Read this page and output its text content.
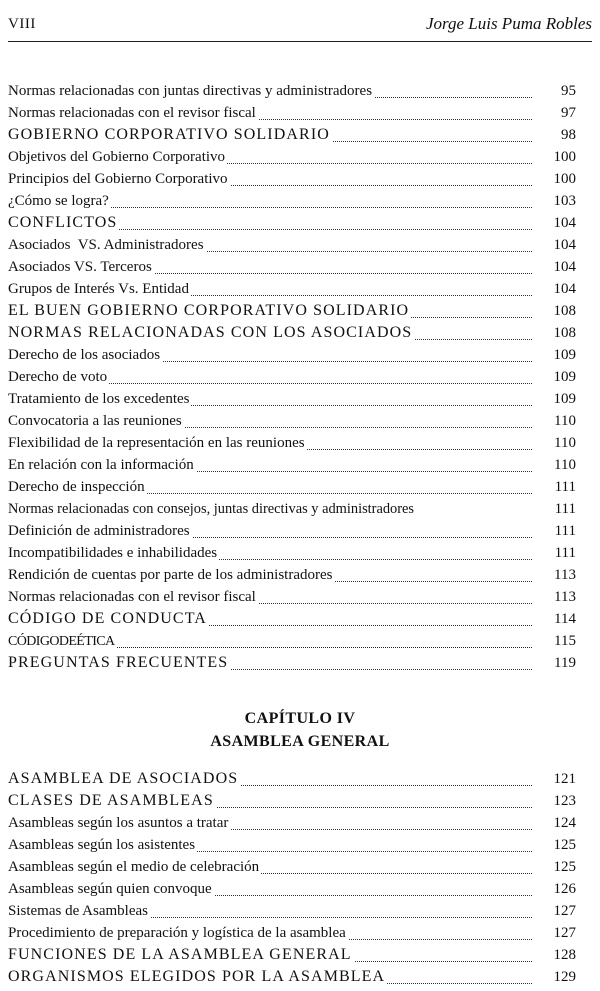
VIII	Jorge Luis Puma Robles
Normas relacionadas con juntas directivas y administradores	95
Normas relacionadas con el revisor fiscal	97
GOBIERNO CORPORATIVO SOLIDARIO	98
Objetivos del Gobierno Corporativo	100
Principios del Gobierno Corporativo	100
¿Cómo se logra?	103
CONFLICTOS	104
Asociados  VS. Administradores	104
Asociados VS. Terceros	104
Grupos de Interés Vs. Entidad	104
EL BUEN GOBIERNO CORPORATIVO SOLIDARIO	108
NORMAS RELACIONADAS CON LOS ASOCIADOS	108
Derecho de los asociados	109
Derecho de voto	109
Tratamiento de los excedentes	109
Convocatoria a las reuniones	110
Flexibilidad de la representación en las reuniones	110
En relación con la información	110
Derecho de inspección	111
Normas relacionadas con consejos, juntas directivas y administradores	111
Definición de administradores	111
Incompatibilidades e inhabilidades	111
Rendición de cuentas por parte de los administradores	113
Normas relacionadas con el revisor fiscal	113
CÓDIGO DE CONDUCTA	114
CÓDIGODEÉTICA	115
PREGUNTAS FRECUENTES	119
CAPÍTULO IV
ASAMBLEA GENERAL
ASAMBLEA DE ASOCIADOS	121
CLASES DE ASAMBLEAS	123
Asambleas según los asuntos a tratar	124
Asambleas según los asistentes	125
Asambleas según el medio de celebración	125
Asambleas según quien convoque	126
Sistemas de Asambleas	127
Procedimiento de preparación y logística de la asamblea	127
FUNCIONES DE LA ASAMBLEA GENERAL	128
ORGANISMOS ELEGIDOS POR LA ASAMBLEA	129
